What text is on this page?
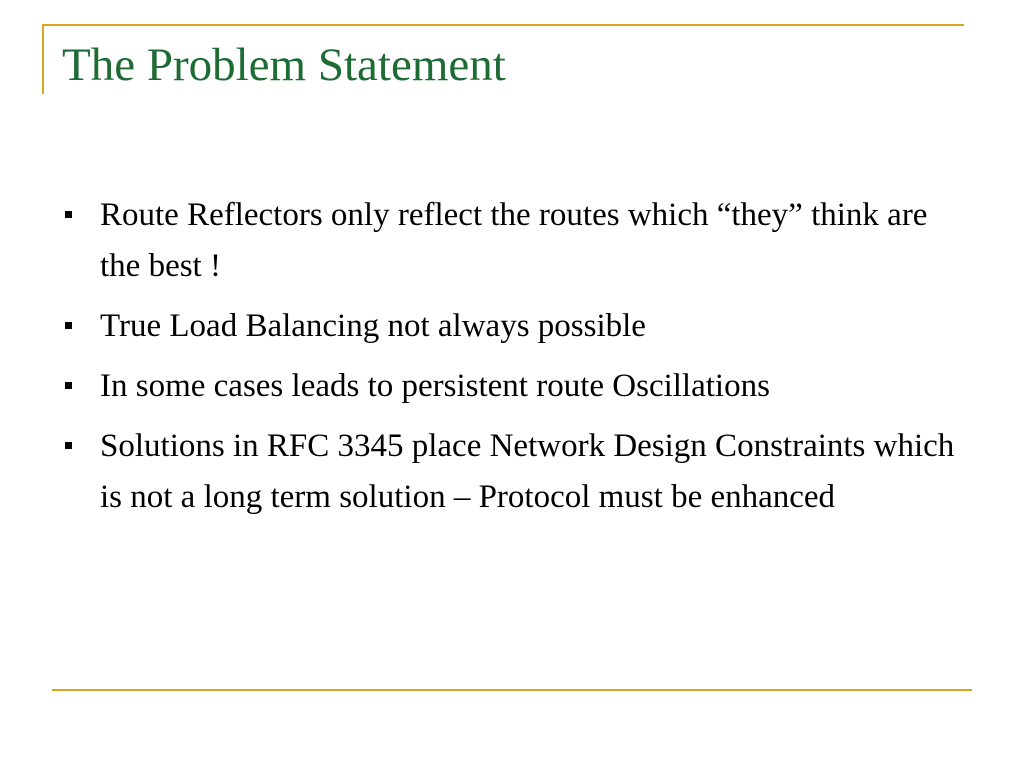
The Problem Statement
Route Reflectors only reflect the routes which “they” think are the best !
True Load Balancing not always possible
In some cases leads to persistent route Oscillations
Solutions in RFC 3345 place Network Design Constraints which is not a long term solution – Protocol must be enhanced
